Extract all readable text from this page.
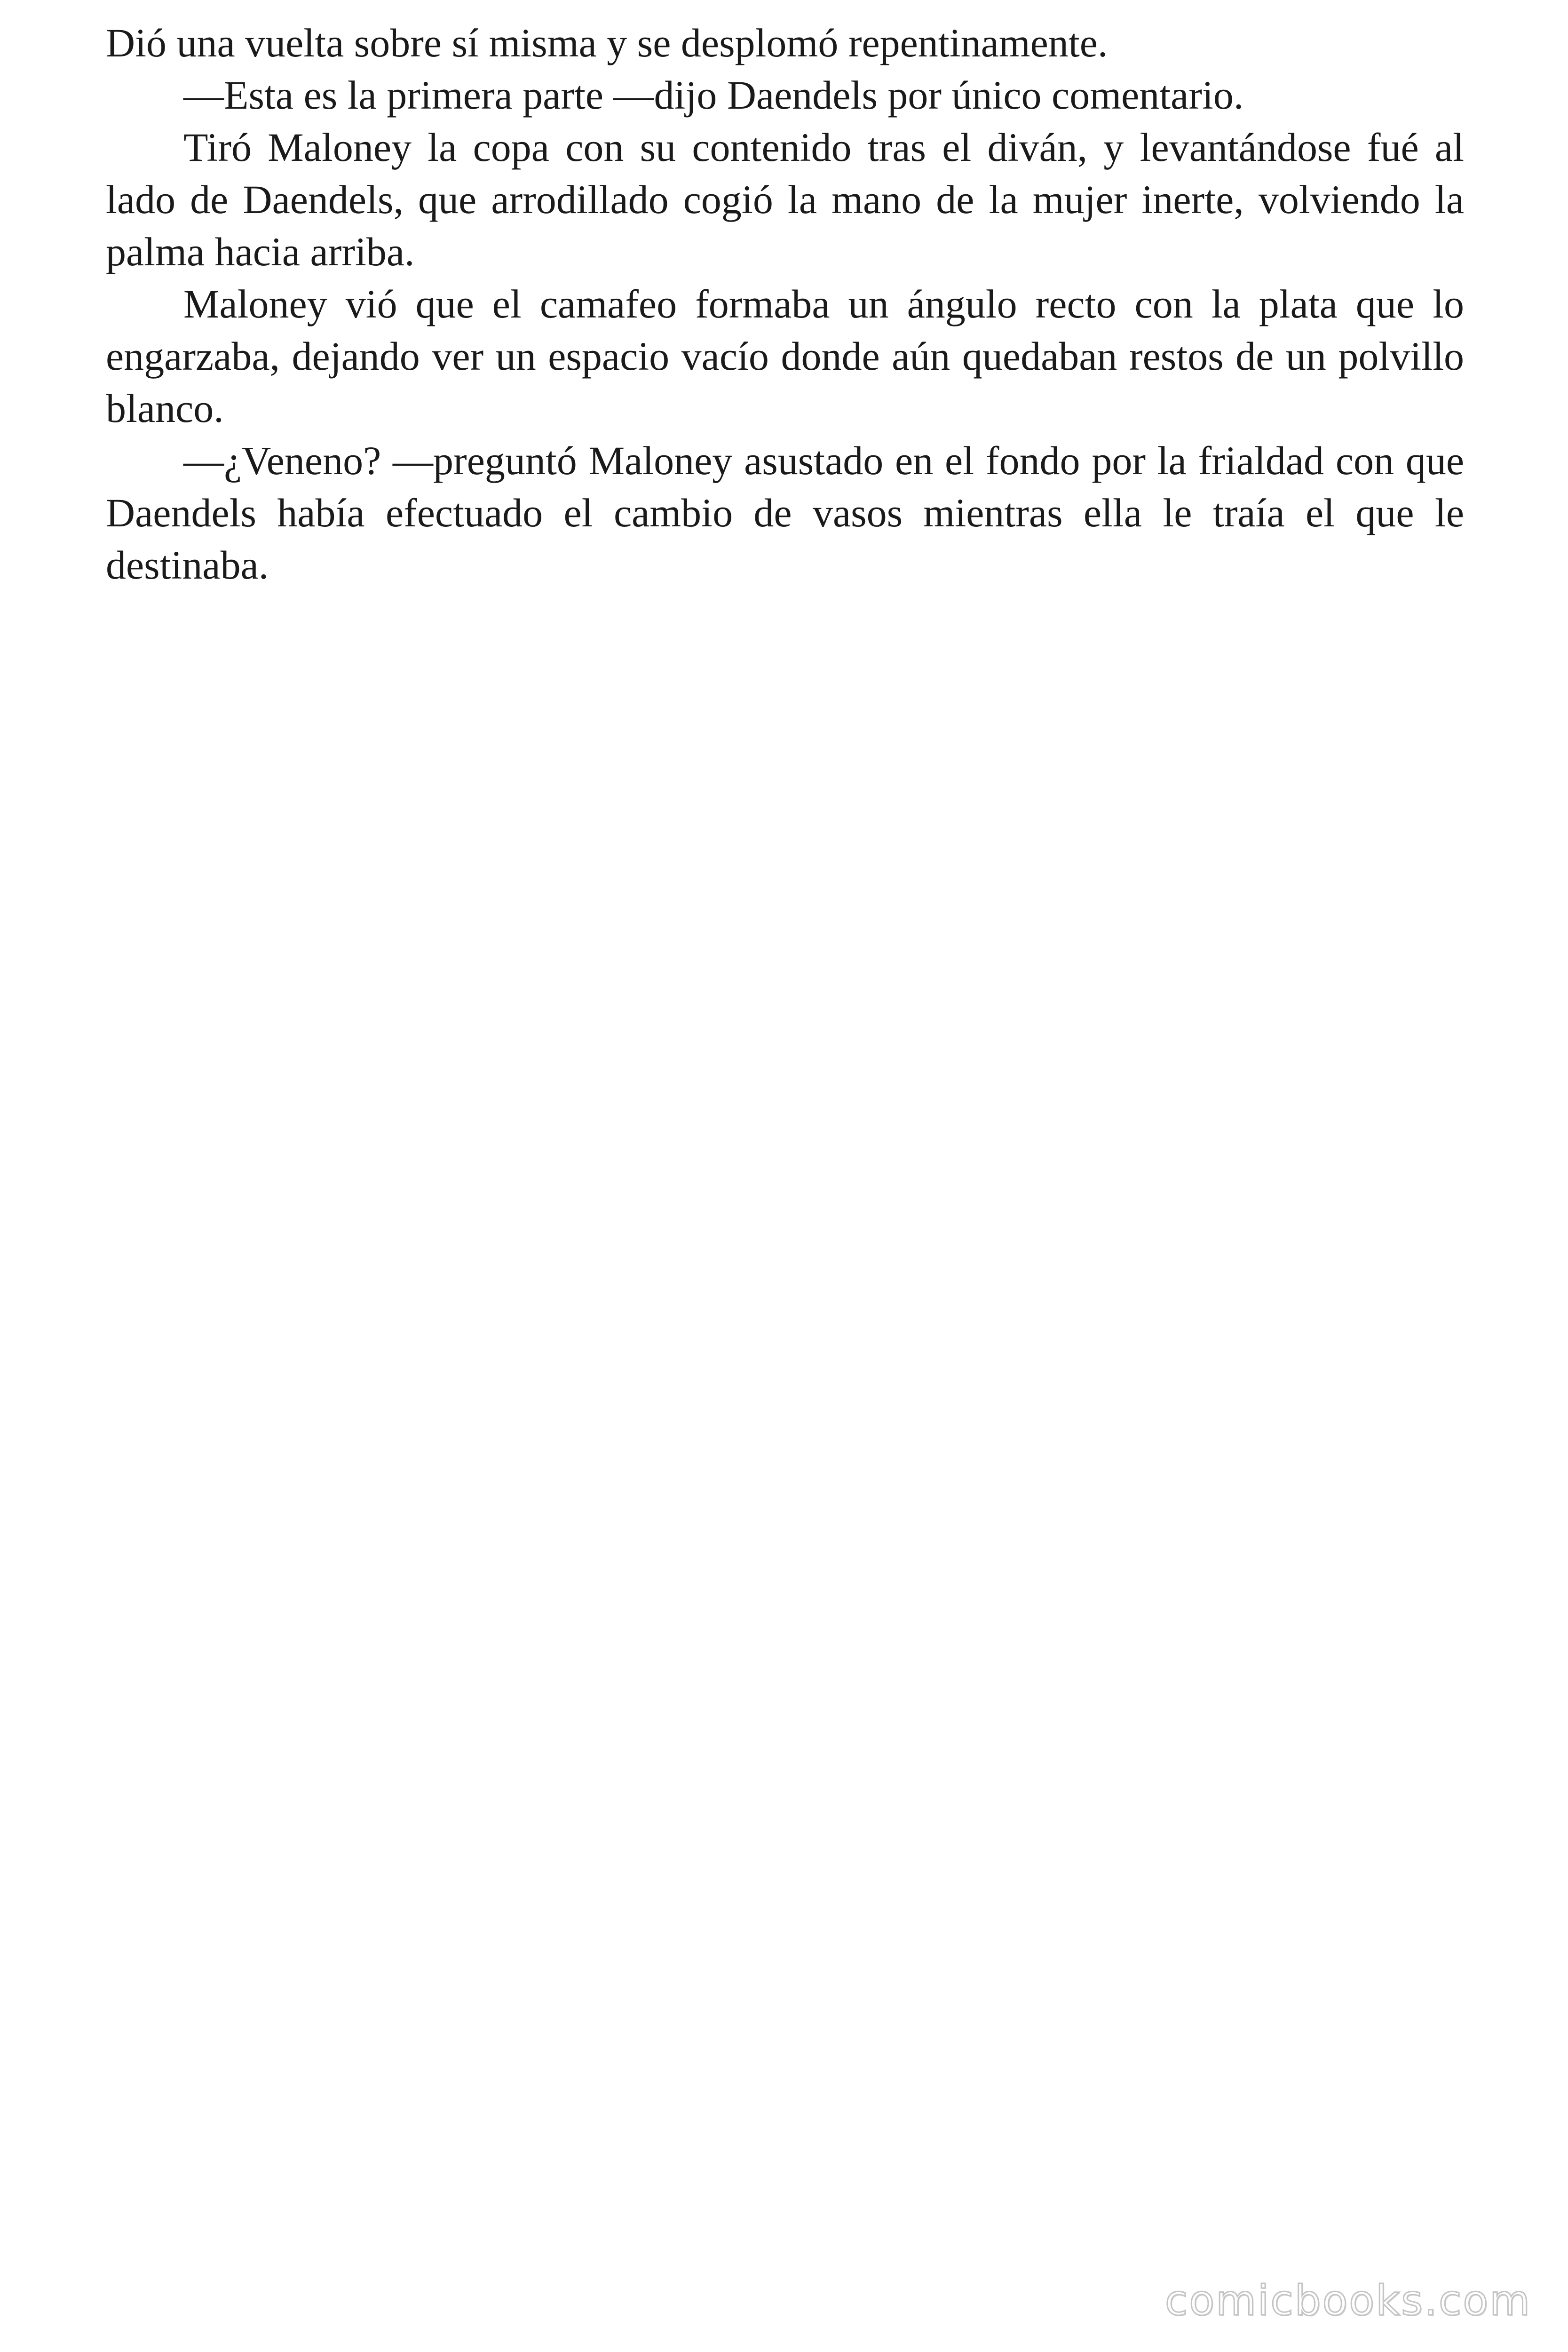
Dió una vuelta sobre sí misma y se desplomó repentinamente.

—Esta es la primera parte —dijo Daendels por único comentario.

Tiró Maloney la copa con su contenido tras el diván, y levantándose fué al lado de Daendels, que arrodillado cogió la mano de la mujer inerte, volviendo la palma hacia arriba.

Maloney vió que el camafeo formaba un ángulo recto con la plata que lo engarzaba, dejando ver un espacio vacío donde aún quedaban restos de un polvillo blanco.

—¿Veneno? —preguntó Maloney asustado en el fondo por la frialdad con que Daendels había efectuado el cambio de vasos mientras ella le traía el que le destinaba.

comicbooks.com
